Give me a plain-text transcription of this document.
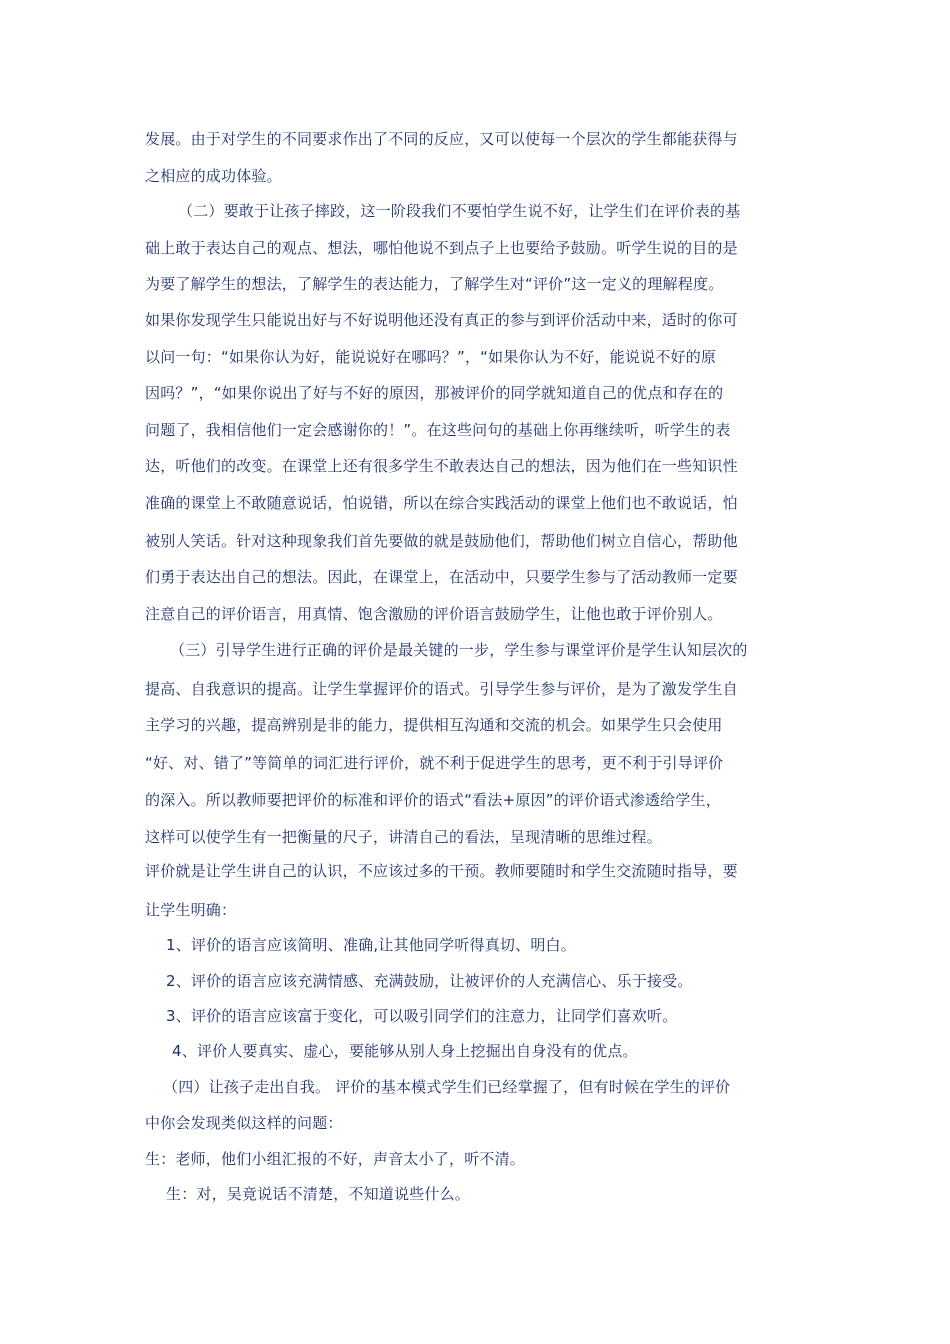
发展。由于对学生的不同要求作出了不同的反应，又可以使每一个层次的学生都能获得与
之相应的成功体验。
（二）要敢于让孩子摔跤，这一阶段我们不要怕学生说不好，让学生们在评价表的基
础上敢于表达自己的观点、想法，哪怕他说不到点子上也要给予鼓励。听学生说的目的是
为要了解学生的想法，了解学生的表达能力，了解学生对“评价”这一定义的理解程度。
如果你发现学生只能说出好与不好说明他还没有真正的参与到评价活动中来，适时的你可
以问一句：“如果你认为好，能说说好在哪吗？”，“如果你认为不好，能说说不好的原
因吗？”，“如果你说出了好与不好的原因，那被评价的同学就知道自己的优点和存在的
问题了，我相信他们一定会感谢你的！”。在这些问句的基础上你再继续听，听学生的表
达，听他们的改变。在课堂上还有很多学生不敢表达自己的想法，因为他们在一些知识性
准确的课堂上不敢随意说话，怕说错，所以在综合实践活动的课堂上他们也不敢说话，怕
被别人笑话。针对这种现象我们首先要做的就是鼓励他们，帮助他们树立自信心，帮助他
们勇于表达出自己的想法。因此，在课堂上，在活动中，只要学生参与了活动教师一定要
注意自己的评价语言，用真情、饱含激励的评价语言鼓励学生，让他也敢于评价别人。
（三）引导学生进行正确的评价是最关键的一步，学生参与课堂评价是学生认知层次的
提高、自我意识的提高。让学生掌握评价的语式。引导学生参与评价，是为了激发学生自
主学习的兴趣，提高辨别是非的能力，提供相互沟通和交流的机会。如果学生只会使用
“好、对、错了”等简单的词汇进行评价，就不利于促进学生的思考，更不利于引导评价
的深入。所以教师要把评价的标准和评价的语式“看法+原因”的评价语式渗透给学生，
这样可以使学生有一把衡量的尺子，讲清自己的看法，呈现清晰的思维过程。
评价就是让学生讲自己的认识，不应该过多的干预。教师要随时和学生交流随时指导，要
让学生明确：
1、评价的语言应该简明、准确,让其他同学听得真切、明白。
2、评价的语言应该充满情感、充满鼓励，让被评价的人充满信心、乐于接受。
3、评价的语言应该富于变化，可以吸引同学们的注意力，让同学们喜欢听。
4、评价人要真实、虚心，要能够从别人身上挖掘出自身没有的优点。
（四）让孩子走出自我。 评价的基本模式学生们已经掌握了，但有时候在学生的评价
中你会发现类似这样的问题：
生：老师，他们小组汇报的不好，声音太小了，听不清。
生：对，吴竟说话不清楚，不知道说些什么。
